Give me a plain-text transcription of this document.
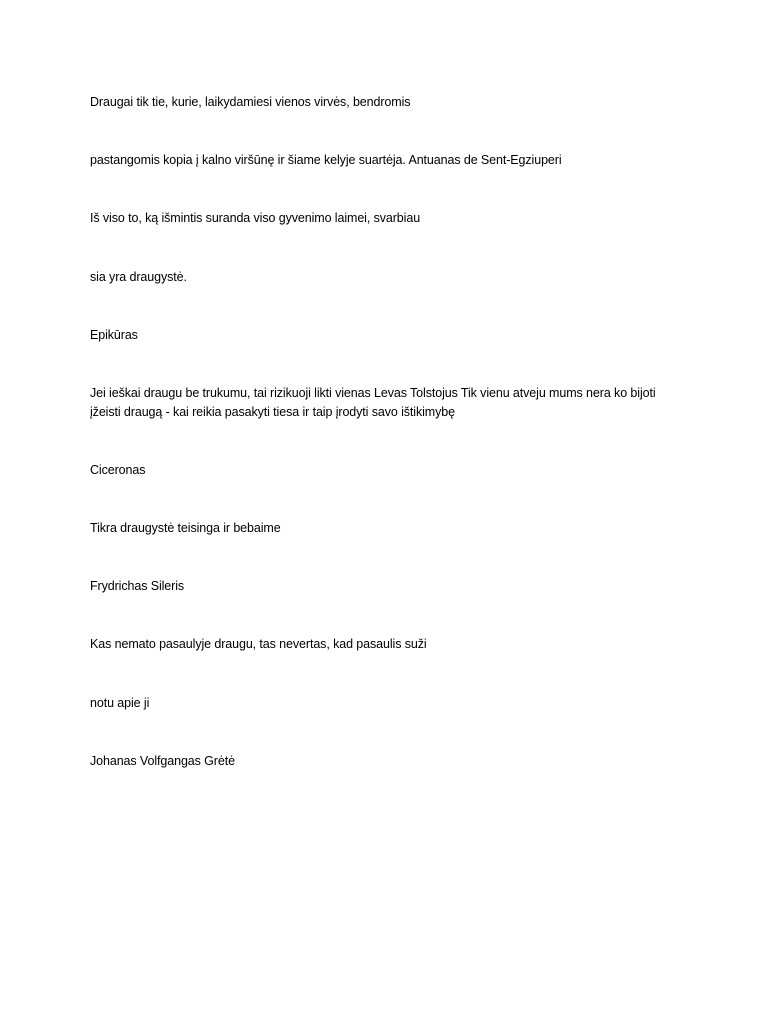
Draugai tik tie, kurie, laikydamiesi vienos virvės, bendromis

pastangomis kopia į kalno viršūnę ir šiame kelyje suartėja. Antuanas de Sent-Egziuperi

Iš viso to, ką išmintis suranda viso gyvenimo laimei, svarbiau

sia yra draugystė.

Epikūras

Jei ieškai draugu be trukumu, tai rizikuoji likti vienas Levas Tolstojus Tik vienu atveju mums nera ko bijoti
įžeisti draugą - kai reikia pasakyti tiesa ir taip įrodyti savo ištikimybę

Ciceronas

Tikra draugystė teisinga ir bebaime

Frydrichas Sileris

Kas nemato pasaulyje draugu, tas nevertas, kad pasaulis suži

notu apie ji

Johanas Volfgangas Grėtė
